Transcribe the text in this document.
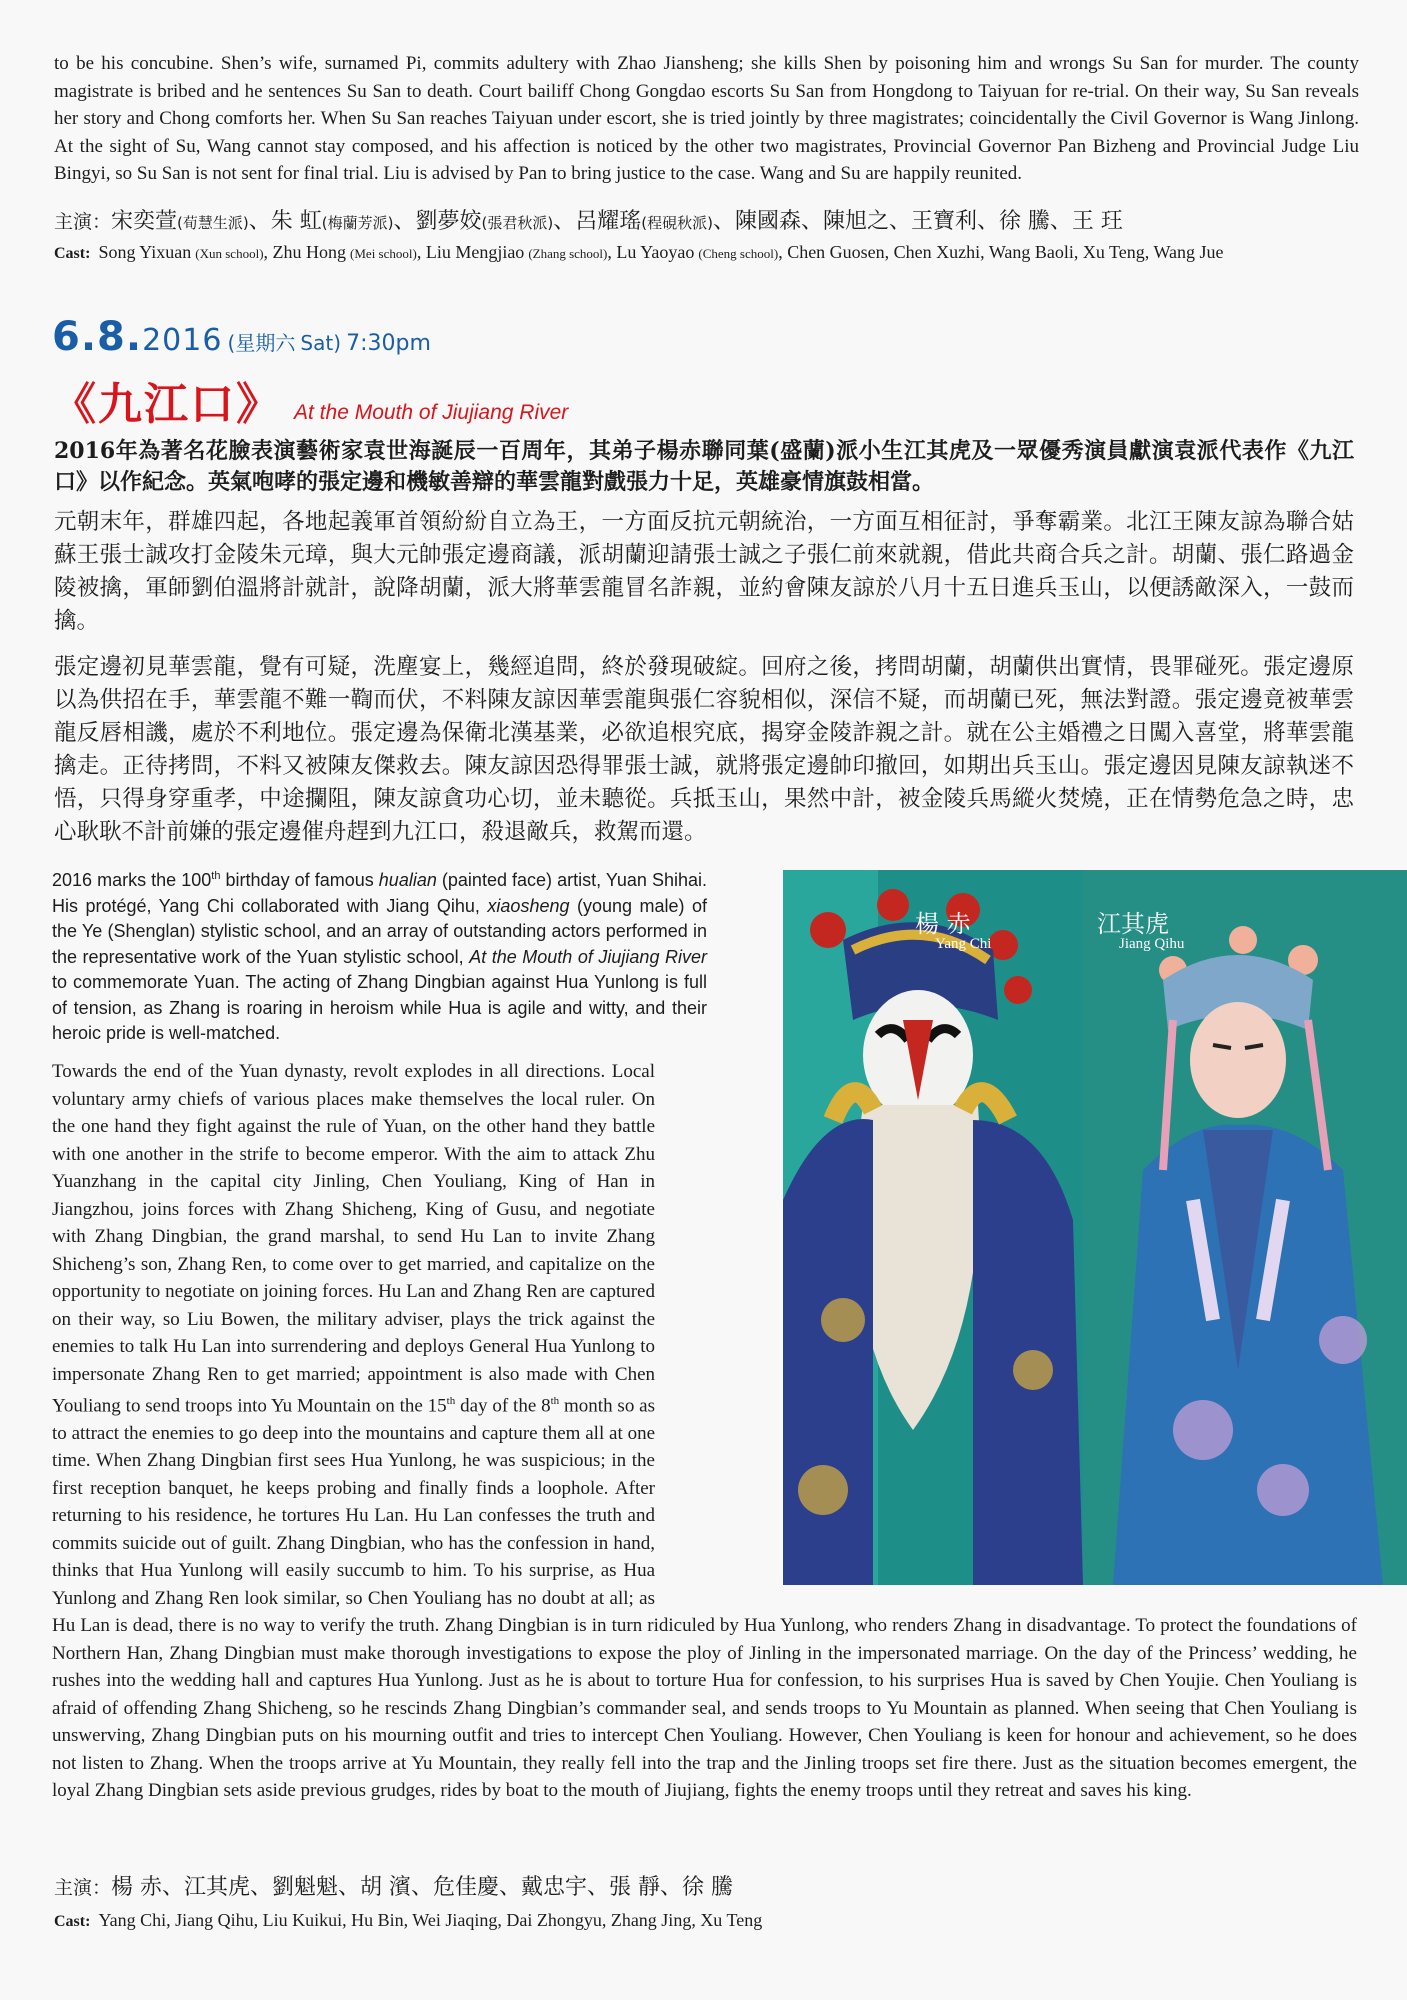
to be his concubine. Shen’s wife, surnamed Pi, commits adultery with Zhao Jiansheng; she kills Shen by poisoning him and wrongs Su San for murder. The county magistrate is bribed and he sentences Su San to death. Court bailiff Chong Gongdao escorts Su San from Hongdong to Taiyuan for re-trial. On their way, Su San reveals her story and Chong comforts her. When Su San reaches Taiyuan under escort, she is tried jointly by three magistrates; coincidentally the Civil Governor is Wang Jinlong. At the sight of Su, Wang cannot stay composed, and his affection is noticed by the other two magistrates, Provincial Governor Pan Bizheng and Provincial Judge Liu Bingyi, so Su San is not sent for final trial. Liu is advised by Pan to bring justice to the case. Wang and Su are happily reunited.

主演：宋奕萱(荀慧生派)、朱 虹(梅蘭芳派)、劉夢姣(張君秋派)、呂耀瑤(程硯秋派)、陳國森、陳旭之、王寶利、徐 騰、王 玨
Cast: Song Yixuan (Xun school), Zhu Hong (Mei school), Liu Mengjiao (Zhang school), Lu Yaoyao (Cheng school), Chen Guosen, Chen Xuzhi, Wang Baoli, Xu Teng, Wang Jue
6.8.2016 (星期六 Sat) 7:30pm
《九江口》 At the Mouth of Jiujiang River

2016年為著名花臉表演藝術家袁世海誕辰一百周年，其弟子楊赤聯同葉(盛蘭)派小生江其虎及一眾優秀演員獻演袁派代表作《九江口》以作紀念。英氣咆哮的張定邊和機敏善辯的華雲龍對戲張力十足，英雄豪情旗鼓相當。

元朝末年，群雄四起，各地起義軍首領紛紛自立為王，一方面反抗元朝統治，一方面互相征討，爭奪霸業。北江王陳友諒為聯合姑蘇王張士誠攻打金陵朱元璋，與大元帥張定邊商議，派胡蘭迎請張士誠之子張仁前來就親，借此共商合兵之計。胡蘭、張仁路過金陵被擒，軍師劉伯溫將計就計，說降胡蘭，派大將華雲龍冒名詐親，並約會陳友諒於八月十五日進兵玉山，以便誘敵深入，一鼓而擒。

張定邊初見華雲龍，覺有可疑，洗塵宴上，幾經追問，終於發現破綻。回府之後，拷問胡蘭，胡蘭供出實情，畏罪碰死。張定邊原以為供招在手，華雲龍不難一鞫而伏，不料陳友諒因華雲龍與張仁容貌相似，深信不疑，而胡蘭已死，無法對證。張定邊竟被華雲龍反唇相譏，處於不利地位。張定邊為保衛北漢基業，必欲追根究底，揭穿金陵詐親之計。就在公主婚禮之日闖入喜堂，將華雲龍擒走。正待拷問，不料又被陳友傑救去。陳友諒因恐得罪張士誠，就將張定邊帥印撤回，如期出兵玉山。張定邊因見陳友諒執迷不悟，只得身穿重孝，中途攔阻，陳友諒貪功心切，並未聽從。兵抵玉山，果然中計，被金陵兵馬縱火焚燒，正在情勢危急之時，忠心耿耿不計前嫌的張定邊催舟趕到九江口，殺退敵兵，救駕而還。

2016 marks the 100th birthday of famous hualian (painted face) artist, Yuan Shihai. His protégé, Yang Chi collaborated with Jiang Qihu, xiaosheng (young male) of the Ye (Shenglan) stylistic school, and an array of outstanding actors performed in the representative work of the Yuan stylistic school, At the Mouth of Jiujiang River to commemorate Yuan. The acting of Zhang Dingbian against Hua Yunlong is full of tension, as Zhang is roaring in heroism while Hua is agile and witty, and their heroic pride is well-matched.

Towards the end of the Yuan dynasty, revolt explodes in all directions. Local voluntary army chiefs of various places make themselves the local ruler. On the one hand they fight against the rule of Yuan, on the other hand they battle with one another in the strife to become emperor. With the aim to attack Zhu Yuanzhang in the capital city Jinling, Chen Youliang, King of Han in Jiangzhou, joins forces with Zhang Shicheng, King of Gusu, and negotiate with Zhang Dingbian, the grand marshal, to send Hu Lan to invite Zhang Shicheng’s son, Zhang Ren, to come over to get married, and capitalize on the opportunity to negotiate on joining forces. Hu Lan and Zhang Ren are captured on their way, so Liu Bowen, the military adviser, plays the trick against the enemies to talk Hu Lan into surrendering and deploys General Hua Yunlong to impersonate Zhang Ren to get married; appointment is also made with Chen Youliang to send troops into Yu Mountain on the 15th day of the 8th month so as to attract the enemies to go deep into the mountains and capture them all at one time. When Zhang Dingbian first sees Hua Yunlong, he was suspicious; in the first reception banquet, he keeps probing and finally finds a loophole. After returning to his residence, he tortures Hu Lan. Hu Lan confesses the truth and commits suicide out of guilt. Zhang Dingbian, who has the confession in hand, thinks that Hua Yunlong will easily succumb to him. To his surprise, as Hua Yunlong and Zhang Ren look similar, so Chen Youliang has no doubt at all; as Hu Lan is dead, there is no way to verify the truth. Zhang Dingbian is in turn ridiculed by Hua Yunlong, who renders Zhang in disadvantage. To protect the foundations of Northern Han, Zhang Dingbian must make thorough investigations to expose the ploy of Jinling in the impersonated marriage. On the day of the Princess’ wedding, he rushes into the wedding hall and captures Hua Yunlong. Just as he is about to torture Hua for confession, to his surprises Hua is saved by Chen Youjie. Chen Youliang is afraid of offending Zhang Shicheng, so he rescinds Zhang Dingbian’s commander seal, and sends troops to Yu Mountain as planned. When seeing that Chen Youliang is unswerving, Zhang Dingbian puts on his mourning outfit and tries to intercept Chen Youliang. However, Chen Youliang is keen for honour and achievement, so he does not listen to Zhang. When the troops arrive at Yu Mountain, they really fell into the trap and the Jinling troops set fire there. Just as the situation becomes emergent, the loyal Zhang Dingbian sets aside previous grudges, rides by boat to the mouth of Jiujiang, fights the enemy troops until they retreat and saves his king.
楊 赤
Yang Chi
江其虎
Jiang Qihu
主演：楊 赤、江其虎、劉魁魁、胡 濱、危佳慶、戴忠宇、張 靜、徐 騰
Cast: Yang Chi, Jiang Qihu, Liu Kuikui, Hu Bin, Wei Jiaqing, Dai Zhongyu, Zhang Jing, Xu Teng
